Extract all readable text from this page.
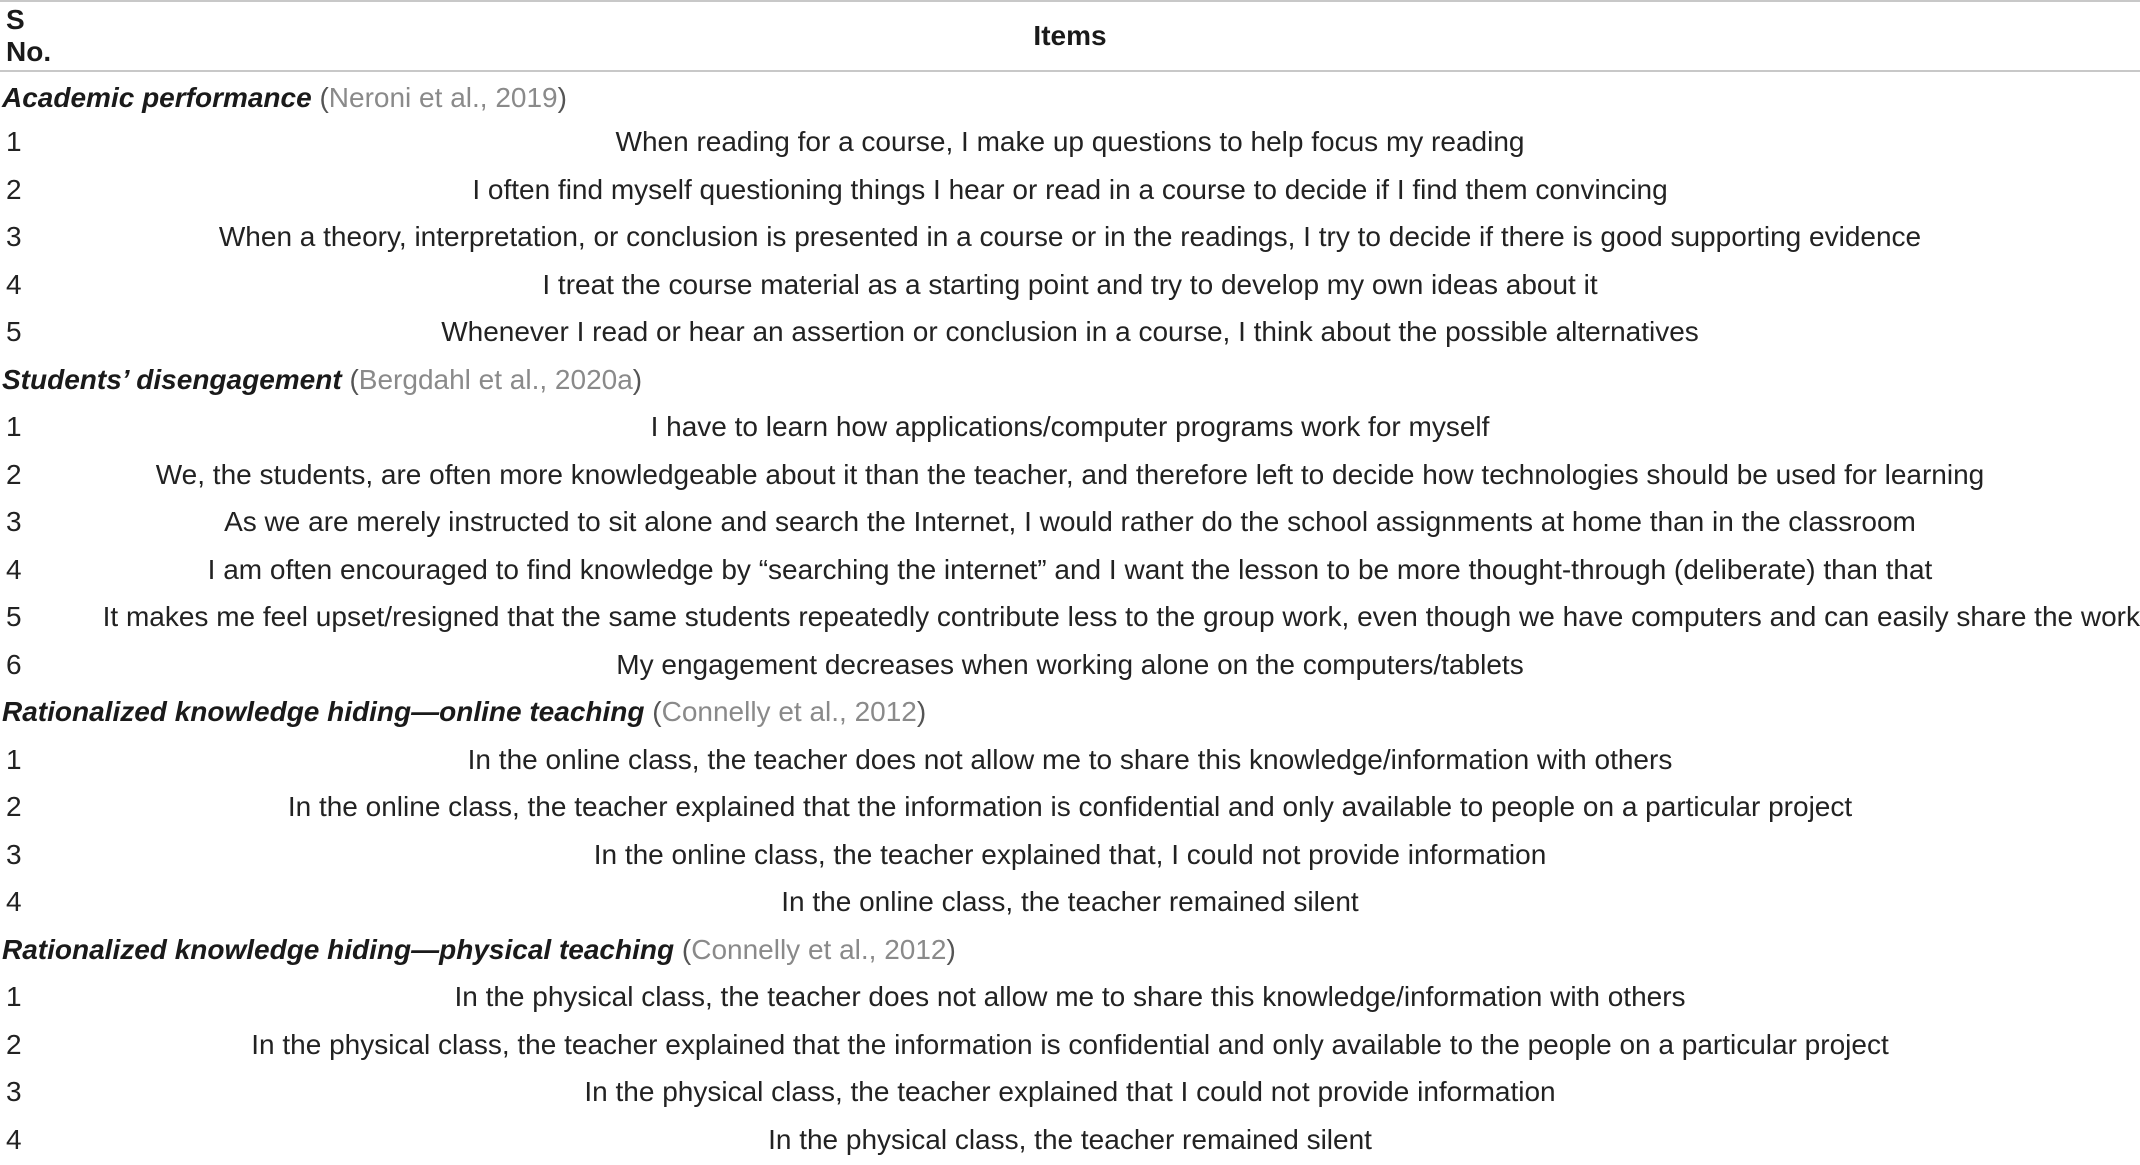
S No.	Items
Academic performance (Neroni et al., 2019)	
1	When reading for a course, I make up questions to help focus my reading
2	I often find myself questioning things I hear or read in a course to decide if I find them convincing
3	When a theory, interpretation, or conclusion is presented in a course or in the readings, I try to decide if there is good supporting evidence
4	I treat the course material as a starting point and try to develop my own ideas about it
5	Whenever I read or hear an assertion or conclusion in a course, I think about the possible alternatives
Students’ disengagement (Bergdahl et al., 2020a)	
1	I have to learn how applications/computer programs work for myself
2	We, the students, are often more knowledgeable about it than the teacher, and therefore left to decide how technologies should be used for learning
3	As we are merely instructed to sit alone and search the Internet, I would rather do the school assignments at home than in the classroom
4	I am often encouraged to find knowledge by “searching the internet” and I want the lesson to be more thought-through (deliberate) than that
5	It makes me feel upset/resigned that the same students repeatedly contribute less to the group work, even though we have computers and can easily share the work
6	My engagement decreases when working alone on the computers/tablets
Rationalized knowledge hiding—online teaching (Connelly et al., 2012)	
1	In the online class, the teacher does not allow me to share this knowledge/information with others
2	In the online class, the teacher explained that the information is confidential and only available to people on a particular project
3	In the online class, the teacher explained that, I could not provide information
4	In the online class, the teacher remained silent
Rationalized knowledge hiding—physical teaching (Connelly et al., 2012)	
1	In the physical class, the teacher does not allow me to share this knowledge/information with others
2	In the physical class, the teacher explained that the information is confidential and only available to the people on a particular project
3	In the physical class, the teacher explained that I could not provide information
4	In the physical class, the teacher remained silent
